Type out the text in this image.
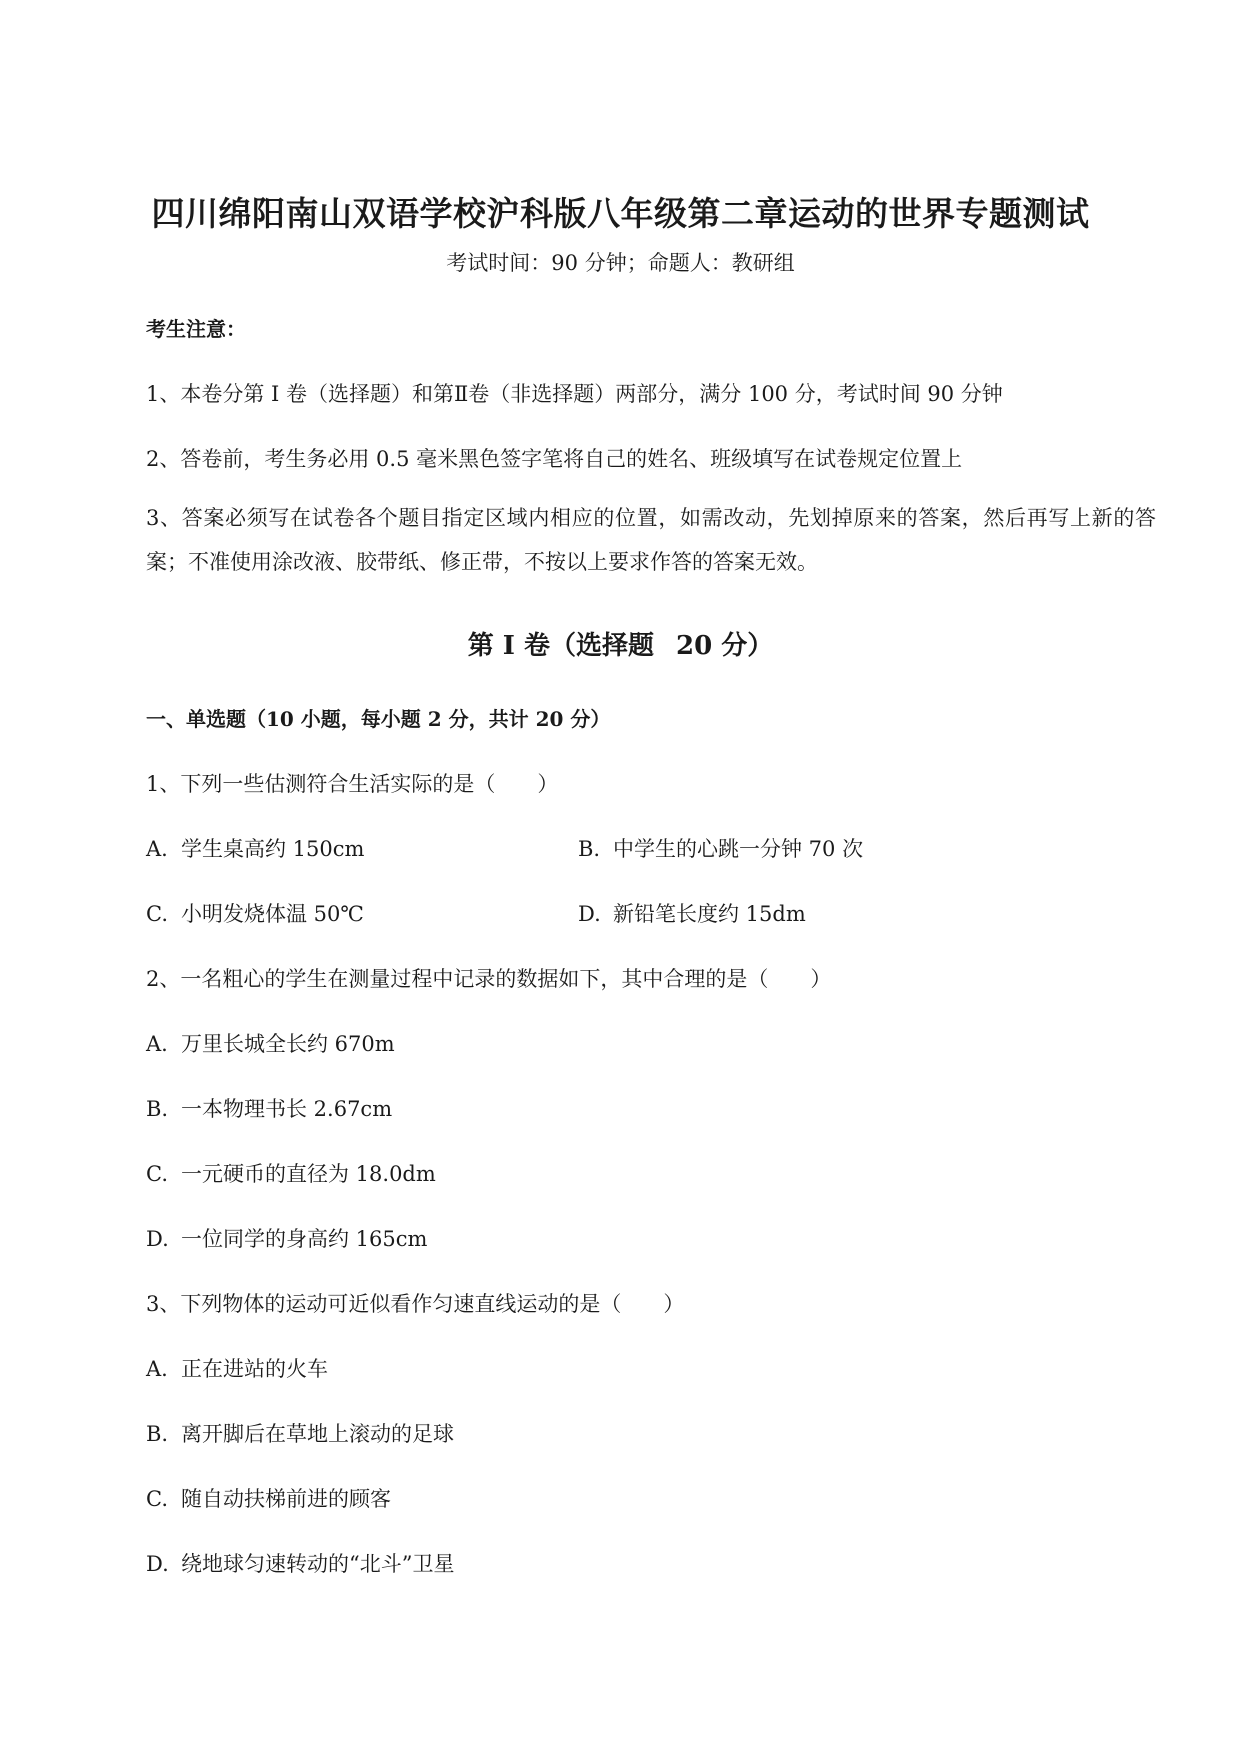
四川绵阳南山双语学校沪科版八年级第二章运动的世界专题测试
考试时间：90 分钟；命题人：教研组
考生注意：
1、本卷分第 I 卷（选择题）和第Ⅱ卷（非选择题）两部分，满分 100 分，考试时间 90 分钟
2、答卷前，考生务必用 0.5 毫米黑色签字笔将自己的姓名、班级填写在试卷规定位置上
3、答案必须写在试卷各个题目指定区域内相应的位置，如需改动，先划掉原来的答案，然后再写上新的答案；不准使用涂改液、胶带纸、修正带，不按以上要求作答的答案无效。
第 I 卷（选择题 20 分）
一、单选题（10 小题，每小题 2 分，共计 20 分）
1、下列一些估测符合生活实际的是（　　）
A. 学生桌高约 150cm	B. 中学生的心跳一分钟 70 次
C. 小明发烧体温 50℃	D. 新铅笔长度约 15dm
2、一名粗心的学生在测量过程中记录的数据如下，其中合理的是（　　）
A. 万里长城全长约 670m
B. 一本物理书长 2.67cm
C. 一元硬币的直径为 18.0dm
D. 一位同学的身高约 165cm
3、下列物体的运动可近似看作匀速直线运动的是（　　）
A. 正在进站的火车
B. 离开脚后在草地上滚动的足球
C. 随自动扶梯前进的顾客
D. 绕地球匀速转动的“北斗”卫星
